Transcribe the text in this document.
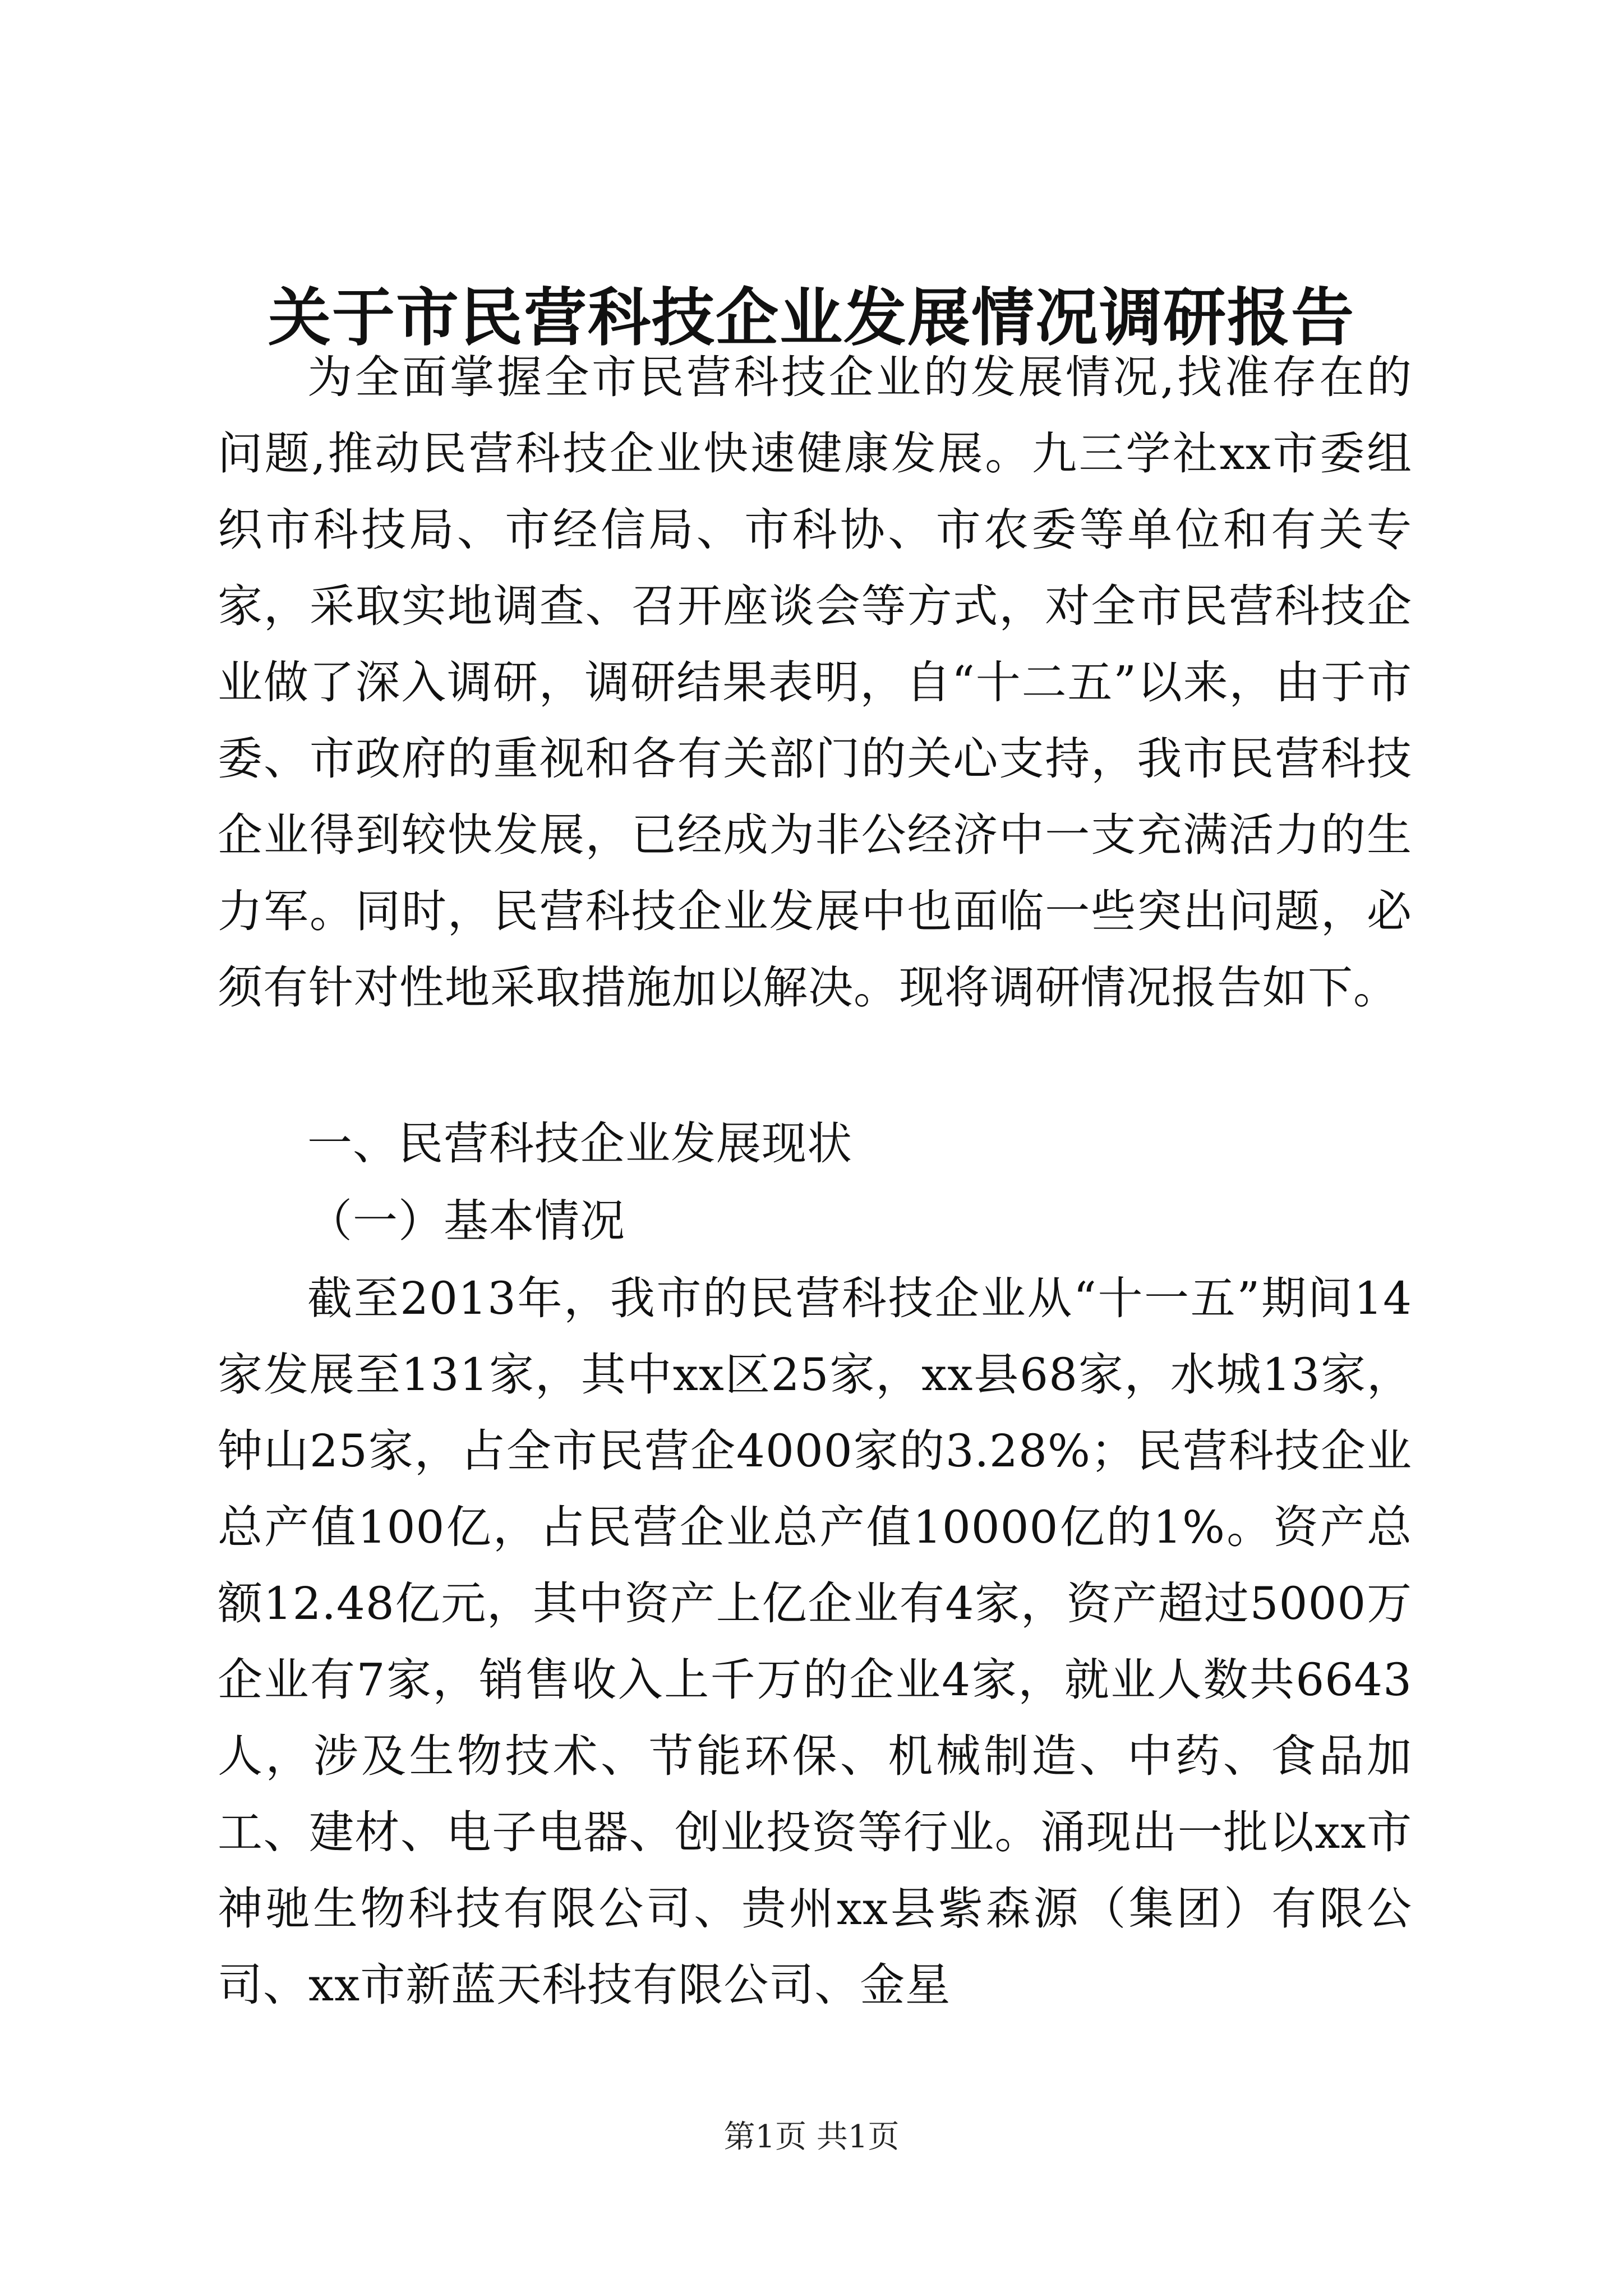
关于市民营科技企业发展情况调研报告
为全面掌握全市民营科技企业的发展情况,找准存在的问题,推动民营科技企业快速健康发展。九三学社xx市委组织市科技局、市经信局、市科协、市农委等单位和有关专家，采取实地调查、召开座谈会等方式，对全市民营科技企业做了深入调研，调研结果表明，自“十二五”以来，由于市委、市政府的重视和各有关部门的关心支持，我市民营科技企业得到较快发展，已经成为非公经济中一支充满活力的生力军。同时，民营科技企业发展中也面临一些突出问题，必须有针对性地采取措施加以解决。现将调研情况报告如下。
一、民营科技企业发展现状
（一）基本情况
截至2013年，我市的民营科技企业从“十一五”期间14家发展至131家，其中xx区25家，xx县68家，水城13家，钟山25家，占全市民营企4000家的3.28%；民营科技企业总产值100亿，占民营企业总产值10000亿的1%。资产总额12.48亿元，其中资产上亿企业有4家，资产超过5000万企业有7家，销售收入上千万的企业4家，就业人数共6643人，涉及生物技术、节能环保、机械制造、中药、食品加工、建材、电子电器、创业投资等行业。涌现出一批以xx市神驰生物科技有限公司、贵州xx县紫森源（集团）有限公司、xx市新蓝天科技有限公司、金星
第1页 共1页
